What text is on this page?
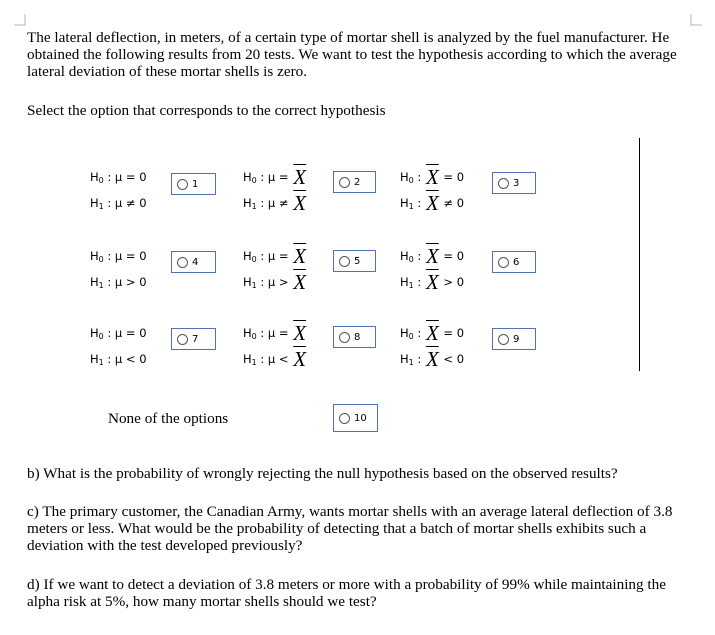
The lateral deflection, in meters, of a certain type of mortar shell is analyzed by the fuel manufacturer. He obtained the following results from 20 tests. We want to test the hypothesis according to which the average lateral deviation of these mortar shells is zero.
Select the option that corresponds to the correct hypothesis
$H_0$ : μ = 0
$H_1$ : μ ≠ 0
1	$H_0$ : $\mu = \overline{X}$
$H_1$ : $\mu \ne \overline{X}$
2	$H_0$ : $\overline{X} = 0$
$H_1$ : $\overline{X} \ne 0$
3
$H_0$ : μ = 0
$H_1$ : μ > 0
4	$H_0$ : $\mu = \overline{X}$
$H_1$ : $\mu > \overline{X}$
5	$H_0$ : $\overline{X} = 0$
$H_1$ : $\overline{X} > 0$
6
$H_0$ : μ = 0
$H_1$ : μ < 0
7	$H_0$ : $\mu = \overline{X}$
$H_1$ : $\mu < \overline{X}$
8	$H_0$ : $\overline{X} = 0$
$H_1$ : $\overline{X} < 0$
9
None of the options	10
b) What is the probability of wrongly rejecting the null hypothesis based on the observed results?
c) The primary customer, the Canadian Army, wants mortar shells with an average lateral deflection of 3.8 meters or less. What would be the probability of detecting that a batch of mortar shells exhibits such a deviation with the test developed previously?
d) If we want to detect a deviation of 3.8 meters or more with a probability of 99% while maintaining the alpha risk at 5%, how many mortar shells should we test?
